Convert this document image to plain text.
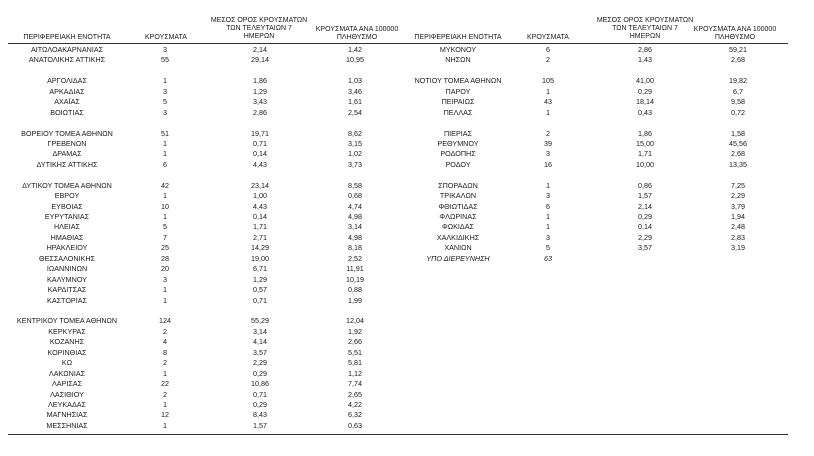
ΠΕΡΙΦΕΡΕΙΑΚΗ ΕΝΟΤΗΤΑ	ΚΡΟΥΣΜΑΤΑ
ΜΕΣΟΣ ΟΡΟΣ ΚΡΟΥΣΜΑΤΩΝ
ΤΩΝ ΤΕΛΕΥΤΑΙΩΝ 7
ΗΜΕΡΩΝ
ΚΡΟΥΣΜΑΤΑ ΑΝΑ 100000
ΠΛΗΘΥΣΜΟ	ΠΕΡΙΦΕΡΕΙΑΚΗ ΕΝΟΤΗΤΑ	ΚΡΟΥΣΜΑΤΑ
ΜΕΣΟΣ ΟΡΟΣ ΚΡΟΥΣΜΑΤΩΝ
ΤΩΝ ΤΕΛΕΥΤΑΙΩΝ 7
ΗΜΕΡΩΝ
ΚΡΟΥΣΜΑΤΑ ΑΝΑ 100000
ΠΛΗΘΥΣΜΟ
ΑΙΤΩΛΟΑΚΑΡΝΑΝΙΑΣ	3	2,14	1,42
ΑΝΑΤΟΛΙΚΗΣ ΑΤΤΙΚΗΣ	55	29,14	10,95
ΑΡΓΟΛΙΔΑΣ	1	1,86	1,03
ΑΡΚΑΔΙΑΣ	3	1,29	3,46
ΑΧΑΪΑΣ	5	3,43	1,61
ΒΟΙΩΤΙΑΣ	3	2,86	2,54
ΒΟΡΕΙΟΥ ΤΟΜΕΑ ΑΘΗΝΩΝ	51	19,71	8,62
ΓΡΕΒΕΝΩΝ	1	0,71	3,15
ΔΡΑΜΑΣ	1	0,14	1,02
ΔΥΤΙΚΗΣ ΑΤΤΙΚΗΣ	6	4,43	3,73
ΔΥΤΙΚΟΥ ΤΟΜΕΑ ΑΘΗΝΩΝ	42	23,14	8,58
ΕΒΡΟΥ	1	1,00	0,68
ΕΥΒΟΙΑΣ	10	4,43	4,74
ΕΥΡΥΤΑΝΙΑΣ	1	0,14	4,98
ΗΛΕΙΑΣ	5	1,71	3,14
ΗΜΑΘΙΑΣ	7	2,71	4,98
ΗΡΑΚΛΕΙΟΥ	25	14,29	8,18
ΘΕΣΣΑΛΟΝΙΚΗΣ	28	19,00	2,52
ΙΩΑΝΝΙΝΩΝ	20	6,71	11,91
ΚΑΛΥΜΝΟΥ	3	1,29	10,19
ΚΑΡΔΙΤΣΑΣ	1	0,57	0,88
ΚΑΣΤΟΡΙΑΣ	1	0,71	1,99
ΚΕΝΤΡΙΚΟΥ ΤΟΜΕΑ ΑΘΗΝΩΝ	124	55,29	12,04
ΚΕΡΚΥΡΑΣ	2	3,14	1,92
ΚΟΖΑΝΗΣ	4	4,14	2,66
ΚΟΡΙΝΘΙΑΣ	8	3,57	5,51
ΚΩ	2	2,29	5,81
ΛΑΚΩΝΙΑΣ	1	0,29	1,12
ΛΑΡΙΣΑΣ	22	10,86	7,74
ΛΑΣΙΘΙΟΥ	2	0,71	2,65
ΛΕΥΚΑΔΑΣ	1	0,29	4,22
ΜΑΓΝΗΣΙΑΣ	12	8,43	6,32
ΜΕΣΣΗΝΙΑΣ	1	1,57	0,63
ΜΥΚΟΝΟΥ	6	2,86	59,21
ΝΗΣΩΝ	2	1,43	2,68
ΝΟΤΙΟΥ ΤΟΜΕΑ ΑΘΗΝΩΝ	105	41,00	19,82
ΠΑΡΟΥ	1	0,29	6,7
ΠΕΙΡΑΙΩΣ	43	18,14	9,58
ΠΕΛΛΑΣ	1	0,43	0,72
ΠΙΕΡΙΑΣ	2	1,86	1,58
ΡΕΘΥΜΝΟΥ	39	15,00	45,56
ΡΟΔΟΠΗΣ	3	1,71	2,68
ΡΟΔΟΥ	16	10,00	13,35
ΣΠΟΡΑΔΩΝ	1	0,86	7,25
ΤΡΙΚΑΛΩΝ	3	1,57	2,29
ΦΘΙΩΤΙΔΑΣ	6	2,14	3,79
ΦΛΩΡΙΝΑΣ	1	0,29	1,94
ΦΩΚΙΔΑΣ	1	0,14	2,48
ΧΑΛΚΙΔΙΚΗΣ	3	2,29	2,83
ΧΑΝΙΩΝ	5	3,57	3,19
ΥΠΟ ΔΙΕΡΕΥΝΗΣΗ	63
